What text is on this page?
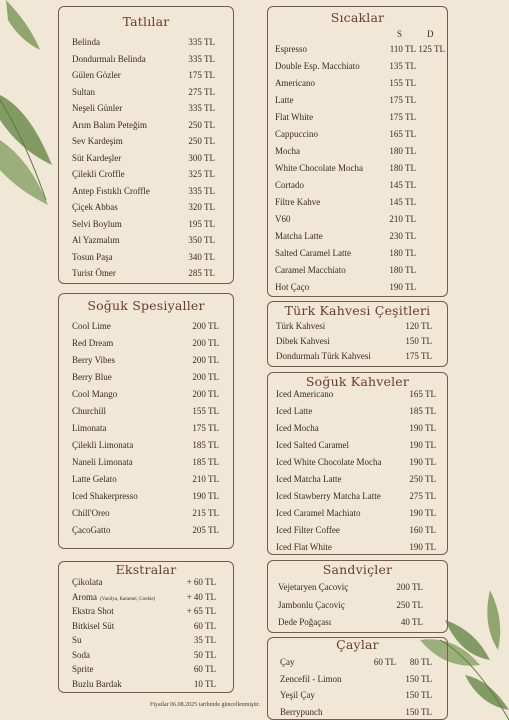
Tatlılar
Belinda	335 TL
Dondurmalı Belinda	335 TL
Gülen Gözler	175 TL
Sultan	275 TL
Neşeli Günler	335 TL
Arım Balım Peteğim	250 TL
Sev Kardeşim	250 TL
Süt Kardeşler	300 TL
Çilekli Croffle	325 TL
Antep Fıstıklı Croffle	335 TL
Çiçek Abbas	320 TL
Selvi Boylum	195 TL
Al Yazmalım	350 TL
Tosun Paşa	340 TL
Turist Ömer	285 TL
Soğuk Spesiyaller
Cool Lime	200 TL
Red Dream	200 TL
Berry Vibes	200 TL
Berry Blue	200 TL
Cool Mango	200 TL
Churchill	155 TL
Limonata	175 TL
Çilekli Limonata	185 TL
Naneli Limonata	185 TL
Latte Gelato	210 TL
Iced Shakerpresso	190 TL
Chill'Oreo	215 TL
ÇacoGatto	205 TL
Ekstralar
Çikolata	+ 60 TL
Aroma (Vanilya, Karamel, Cookie)	+ 40 TL
Ekstra Shot	+ 65 TL
Bitkisel Süt	60 TL
Su	35 TL
Soda	50 TL
Sprite	60 TL
Buzlu Bardak	10 TL
Sıcaklar
S	D
Espresso	110 TL 125 TL
Double Esp. Macchiato	135 TL
Americano	155 TL
Latte	175 TL
Flat White	175 TL
Cappuccino	165 TL
Mocha	180 TL
White Chocolate Mocha	180 TL
Cortado	145 TL
Filtre Kahve	145 TL
V60	210 TL
Matcha Latte	230 TL
Salted Caramel Latte	180 TL
Caramel Macchiato	180 TL
Hot Çaço	190 TL
Türk Kahvesi Çeşitleri
Türk Kahvesi	120 TL
Dibek Kahvesi	150 TL
Dondurmalı Türk Kahvesi	175 TL
Soğuk Kahveler
Iced Americano	165 TL
Iced Latte	185 TL
Iced Mocha	190 TL
Iced Salted Caramel	190 TL
Iced White Chocolate Mocha	190 TL
Iced Matcha Latte	250 TL
Iced Stawberry Matcha Latte	275 TL
Iced Caramel Machiato	190 TL
Iced Filter Coffee	160 TL
Iced Flat White	190 TL
Sandviçler
Vejetaryen Çacoviç	200 TL
Jambonlu Çacoviç	250 TL
Dede Poğaçası	40 TL
Çaylar
Çay	60 TL 80 TL
Zencefil - Limon	150 TL
Yeşil Çay	150 TL
Berrypunch	150 TL
Fiyatlar 06.08.2025 tarihinde güncellenmiştir.
